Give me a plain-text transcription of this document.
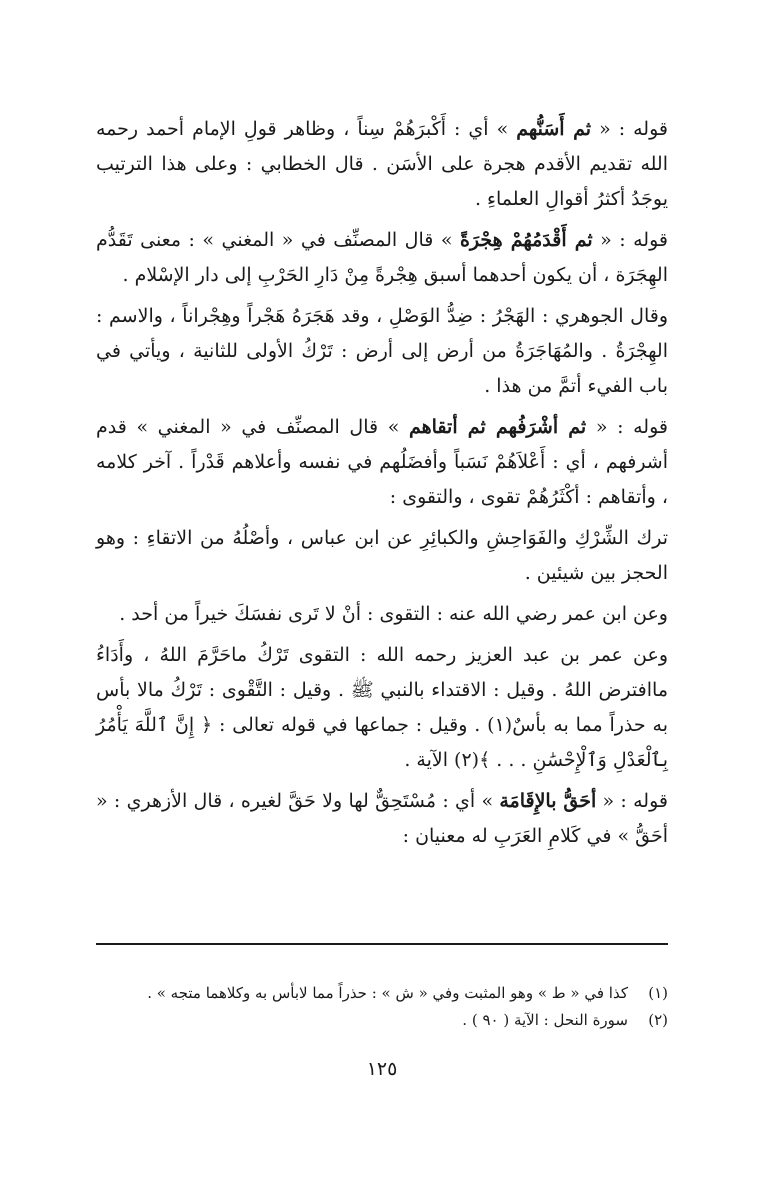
قوله : « ثم أَسَنُّهم » أي : أَكْبرَهُمْ سِناً ، وظاهر قولِ الإمام أحمد رحمه الله تقديم الأقدم هجرة على الأسَن . قال الخطابي : وعلى هذا الترتيب يوجَدُ أكثرُ أقوالِ العلماءِ .

قوله : « ثم أَقْدَمُهُمْ هِجْرَةً » قال المصنِّف في « المغني » : معنى تَقَدُّم الهِجَرَة ، أن يكون أحدهما أسبق هِجْرةً مِنْ دَارِ الحَرْبِ إلى دار الإسْلام .

وقال الجوهري : الهَجْرُ : ضِدُّ الوَصْلِ ، وقد هَجَرَهُ هَجْراً وهِجْراناً ، والاسم : الهِجْرَةُ . والمُهَاجَرَةُ من أرض إلى أرض : تَرْكُ الأولى للثانية ، ويأتي في باب الفيء أتمَّ من هذا .

قوله : « ثم أشْرَفُهم ثم أتقاهم » قال المصنِّف في « المغني » قدم أشرفهم ، أي : أَعْلاَهُمْ نَسَباً وأفضَلُهم في نفسه وأعلاهم قَدْراً . آخر كلامه ، وأتقاهم : أكْثَرُهُمْ تقوى ، والتقوى :

ترك الشِّرْكِ والفَوَاحِشِ والكبائِرِ عن ابن عباس ، وأصْلُهُ من الاتقاءِ : وهو الحجز بين شيئين .

وعن ابن عمر رضي الله عنه : التقوى : أنْ لا تَرى نفسَكَ خيراً من أحد .

وعن عمر بن عبد العزيز رحمه الله : التقوى تَرْكُ ماحَرَّمَ اللهُ ، وأَدَاءُ ماافترض اللهُ . وقيل : الاقتداء بالنبي ﷺ . وقيل : التَّقْوى : تَرْكُ مالا بأس به حذراً مما به بأسٌ(١) . وقيل : جماعها في قوله تعالى : ﴿ إِنَّ ٱللَّهَ يَأْمُرُ بِٱلْعَدْلِ وَٱلْإِحْسَٰنِ . . . ﴾(٢) الآية .

قوله : « أحَقُّ بالإِقَامَة » أي : مُسْتَحِقٌّ لها ولا حَقَّ لغيره ، قال الأزهري : « أحَقُّ » في كَلامِ العَرَبِ له معنيان :

(١)كذا في « ط » وهو المثبت وفي « ش » : حذراً مما لابأس به وكلاهما متجه » .
(٢)سورة النحل : الآية ( ٩٠ ) .
١٢٥
